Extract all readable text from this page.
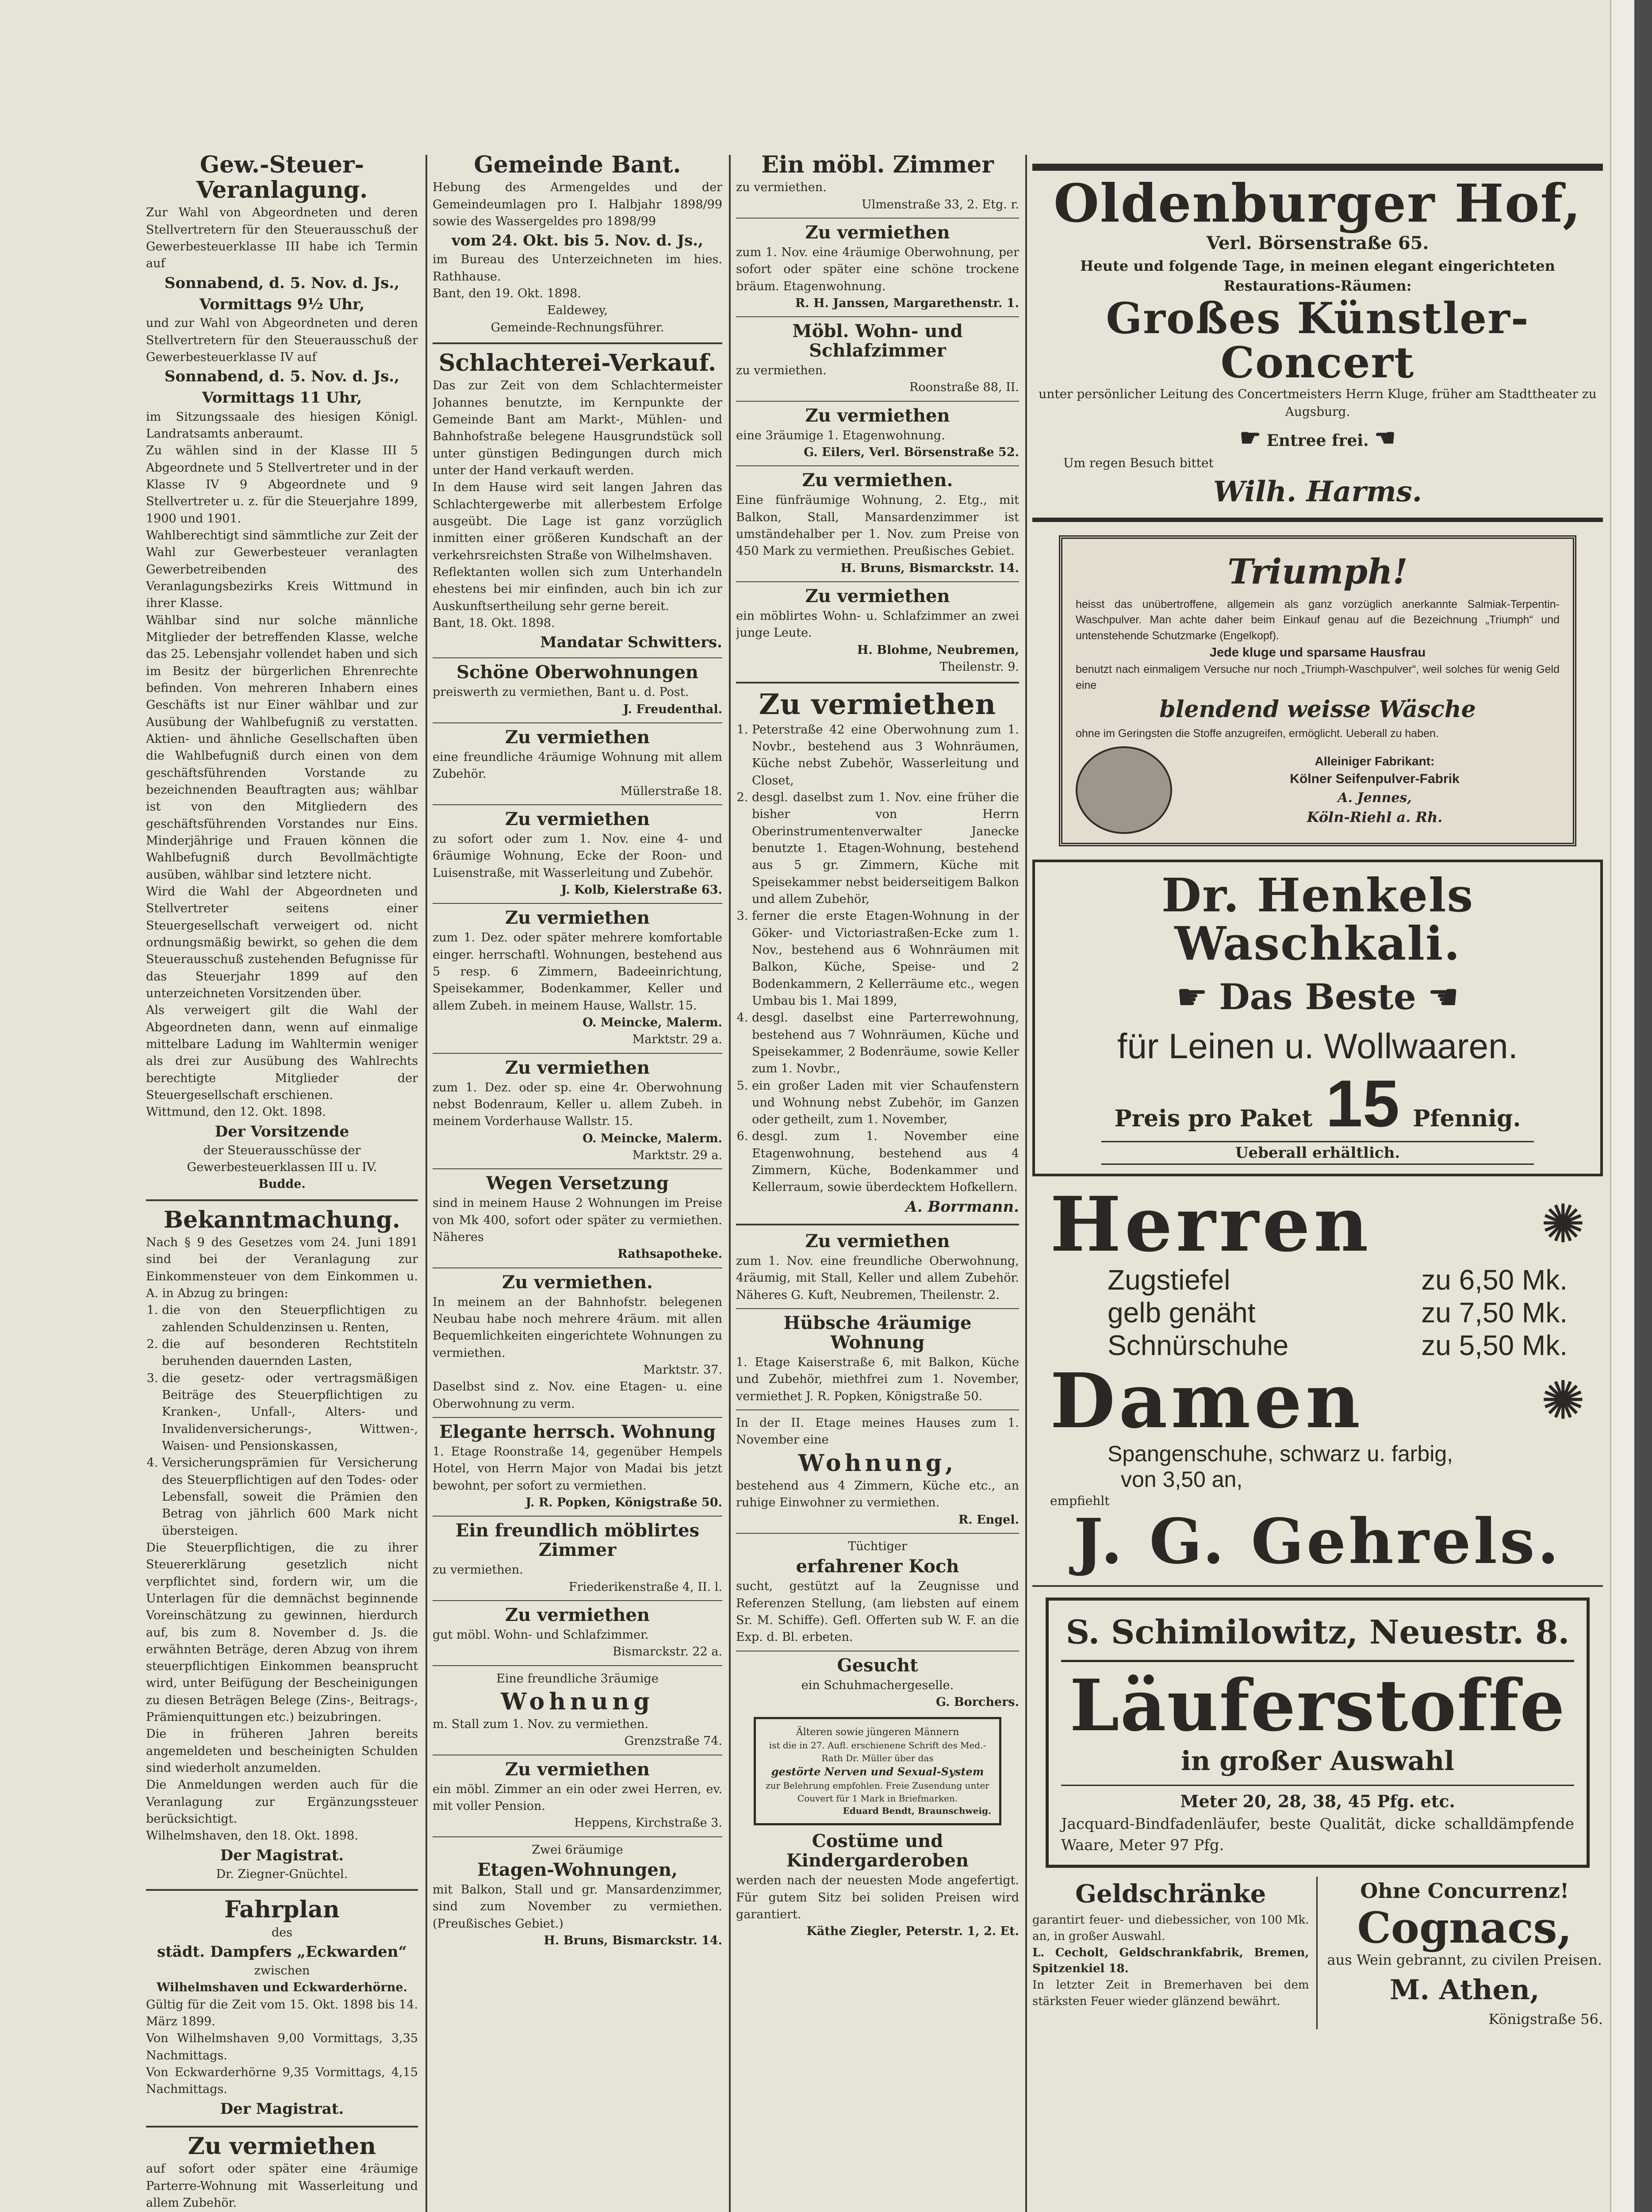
Gew.-Steuer-Veranlagung.

Zur Wahl von Abgeordneten und deren Stellvertretern für den Steuerausschuß der Gewerbesteuerklasse III habe ich Termin auf

Sonnabend, d. 5. Nov. d. Js., Vormittags 9½ Uhr,

und zur Wahl von Abgeordneten und deren Stellvertretern für den Steuerausschuß der Gewerbesteuerklasse IV auf

Sonnabend, d. 5. Nov. d. Js., Vormittags 11 Uhr,

im Sitzungssaale des hiesigen Königl. Landratsamts anberaumt.

Zu wählen sind in der Klasse III 5 Abgeordnete und 5 Stellvertreter und in der Klasse IV 9 Abgeordnete und 9 Stellvertreter u. z. für die Steuerjahre 1899, 1900 und 1901.

Wahlberechtigt sind sämmtliche zur Zeit der Wahl zur Gewerbesteuer veranlagten Gewerbetreibenden des Veranlagungsbezirks Kreis Wittmund in ihrer Klasse.

Wählbar sind nur solche männliche Mitglieder der betreffenden Klasse, welche das 25. Lebensjahr vollendet haben und sich im Besitz der bürgerlichen Ehrenrechte befinden. Von mehreren Inhabern eines Geschäfts ist nur Einer wählbar und zur Ausübung der Wahlbefugniß zu verstatten. Aktien- und ähnliche Gesellschaften üben die Wahlbefugniß durch einen von dem geschäftsführenden Vorstande zu bezeichnenden Beauftragten aus; wählbar ist von den Mitgliedern des geschäftsführenden Vorstandes nur Eins. Minderjährige und Frauen können die Wahlbefugniß durch Bevollmächtigte ausüben, wählbar sind letztere nicht.

Wird die Wahl der Abgeordneten und Stellvertreter seitens einer Steuergesellschaft verweigert od. nicht ordnungsmäßig bewirkt, so gehen die dem Steuerausschuß zustehenden Befugnisse für das Steuerjahr 1899 auf den unterzeichneten Vorsitzenden über.

Als verweigert gilt die Wahl der Abgeordneten dann, wenn auf einmalige mittelbare Ladung im Wahltermin weniger als drei zur Ausübung des Wahlrechts berechtigte Mitglieder der Steuergesellschaft erschienen.

Wittmund, den 12. Okt. 1898.

Der Vorsitzende

der Steuerausschüsse der Gewerbesteuerklassen III u. IV.

Budde.

Bekanntmachung.

Nach § 9 des Gesetzes vom 24. Juni 1891 sind bei der Veranlagung zur Einkommensteuer von dem Einkommen u. A. in Abzug zu bringen:

1. die von den Steuerpflichtigen zu zahlenden Schuldenzinsen u. Renten,
2. die auf besonderen Rechtstiteln beruhenden dauernden Lasten,
3. die gesetz- oder vertragsmäßigen Beiträge des Steuerpflichtigen zu Kranken-, Unfall-, Alters- und Invalidenversicherungs-, Wittwen-, Waisen- und Pensionskassen,
4. Versicherungsprämien für Versicherung des Steuerpflichtigen auf den Todes- oder Lebensfall, soweit die Prämien den Betrag von jährlich 600 Mark nicht übersteigen.

Die Steuerpflichtigen, die zu ihrer Steuererklärung gesetzlich nicht verpflichtet sind, fordern wir, um die Unterlagen für die demnächst beginnende Voreinschätzung zu gewinnen, hierdurch auf, bis zum 8. November d. Js. die erwähnten Beträge, deren Abzug von ihrem steuerpflichtigen Einkommen beansprucht wird, unter Beifügung der Bescheinigungen zu diesen Beträgen Belege (Zins-, Beitrags-, Prämienquittungen etc.) beizubringen.

Die in früheren Jahren bereits angemeldeten und bescheinigten Schulden sind wiederholt anzumelden.

Die Anmeldungen werden auch für die Veranlagung zur Ergänzungssteuer berücksichtigt.

Wilhelmshaven, den 18. Okt. 1898.

Der Magistrat.

Dr. Ziegner-Gnüchtel.

Fahrplan

des

städt. Dampfers „Eckwarden“

zwischen

Wilhelmshaven und Eckwarderhörne.

Gültig für die Zeit vom 15. Okt. 1898 bis 14. März 1899.

Von Wilhelmshaven 9,00 Vormittags, 3,35 Nachmittags.

Von Eckwarderhörne 9,35 Vormittags, 4,15 Nachmittags.

Der Magistrat.

Zu vermiethen

auf sofort oder später eine 4räumige Parterre-Wohnung mit Wasserleitung und allem Zubehör.

Gemeinde Bant.

Hebung des Armengeldes und der Gemeindeumlagen pro I. Halbjahr 1898/99 sowie des Wassergeldes pro 1898/99

vom 24. Okt. bis 5. Nov. d. Js.,

im Bureau des Unterzeichneten im hies. Rathhause.

Bant, den 19. Okt. 1898.

Ealdewey,

Gemeinde-Rechnungsführer.

Schlachterei-Verkauf.

Das zur Zeit von dem Schlachtermeister Johannes benutzte, im Kernpunkte der Gemeinde Bant am Markt-, Mühlen- und Bahnhofstraße belegene Hausgrundstück soll unter günstigen Bedingungen durch mich unter der Hand verkauft werden.

In dem Hause wird seit langen Jahren das Schlachtergewerbe mit allerbestem Erfolge ausgeübt. Die Lage ist ganz vorzüglich inmitten einer größeren Kundschaft an der verkehrsreichsten Straße von Wilhelmshaven.

Reflektanten wollen sich zum Unterhandeln ehestens bei mir einfinden, auch bin ich zur Auskunftsertheilung sehr gerne bereit.

Bant, 18. Okt. 1898.

Mandatar Schwitters.

Schöne Oberwohnungen

preiswerth zu vermiethen, Bant u. d. Post.

J. Freudenthal.

Zu vermiethen

eine freundliche 4räumige Wohnung mit allem Zubehör.

Müllerstraße 18.

Zu vermiethen

zu sofort oder zum 1. Nov. eine 4- und 6räumige Wohnung, Ecke der Roon- und Luisenstraße, mit Wasserleitung und Zubehör.

J. Kolb, Kielerstraße 63.

Zu vermiethen

zum 1. Dez. oder später mehrere komfortable einger. herrschaftl. Wohnungen, bestehend aus 5 resp. 6 Zimmern, Badeeinrichtung, Speisekammer, Bodenkammer, Keller und allem Zubeh. in meinem Hause, Wallstr. 15.

O. Meincke, Malerm.

Marktstr. 29 a.

Zu vermiethen

zum 1. Dez. oder sp. eine 4r. Oberwohnung nebst Bodenraum, Keller u. allem Zubeh. in meinem Vorderhause Wallstr. 15.

O. Meincke, Malerm.

Marktstr. 29 a.

Wegen Versetzung

sind in meinem Hause 2 Wohnungen im Preise von Mk 400, sofort oder später zu vermiethen. Näheres

Rathsapotheke.

Zu vermiethen.

In meinem an der Bahnhofstr. belegenen Neubau habe noch mehrere 4räum. mit allen Bequemlichkeiten eingerichtete Wohnungen zu vermiethen.

Marktstr. 37.

Daselbst sind z. Nov. eine Etagen- u. eine Oberwohnung zu verm.

Elegante herrsch. Wohnung

1. Etage Roonstraße 14, gegenüber Hempels Hotel, von Herrn Major von Madai bis jetzt bewohnt, per sofort zu vermiethen.

J. R. Popken, Königstraße 50.

Ein freundlich möblirtes Zimmer

zu vermiethen.

Friederikenstraße 4, II. l.

Zu vermiethen

gut möbl. Wohn- und Schlafzimmer.

Bismarckstr. 22 a.

Eine freundliche 3räumige

Wohnung

m. Stall zum 1. Nov. zu vermiethen.

Grenzstraße 74.

Zu vermiethen

ein möbl. Zimmer an ein oder zwei Herren, ev. mit voller Pension.

Heppens, Kirchstraße 3.

Zwei 6räumige

Etagen-Wohnungen,

mit Balkon, Stall und gr. Mansardenzimmer, sind zum November zu vermiethen. (Preußisches Gebiet.)

H. Bruns, Bismarckstr. 14.

Ein möbl. Zimmer

zu vermiethen.

Ulmenstraße 33, 2. Etg. r.

Zu vermiethen

zum 1. Nov. eine 4räumige Oberwohnung, per sofort oder später eine schöne trockene bräum. Etagenwohnung.

R. H. Janssen, Margarethenstr. 1.

Möbl. Wohn- und Schlafzimmer

zu vermiethen.

Roonstraße 88, II.

Zu vermiethen

eine 3räumige 1. Etagenwohnung.

G. Eilers, Verl. Börsenstraße 52.

Zu vermiethen.

Eine fünfräumige Wohnung, 2. Etg., mit Balkon, Stall, Mansardenzimmer ist umständehalber per 1. Nov. zum Preise von 450 Mark zu vermiethen. Preußisches Gebiet.

H. Bruns, Bismarckstr. 14.

Zu vermiethen

ein möblirtes Wohn- u. Schlafzimmer an zwei junge Leute.

H. Blohme, Neubremen,

Theilenstr. 9.

Zu vermiethen
1. Peterstraße 42 eine Oberwohnung zum 1. Novbr., bestehend aus 3 Wohnräumen, Küche nebst Zubehör, Wasserleitung und Closet,
2. desgl. daselbst zum 1. Nov. eine früher die bisher von Herrn Oberinstrumentenverwalter Janecke benutzte 1. Etagen-Wohnung, bestehend aus 5 gr. Zimmern, Küche mit Speisekammer nebst beiderseitigem Balkon und allem Zubehör,
3. ferner die erste Etagen-Wohnung in der Göker- und Victoriastraßen-Ecke zum 1. Nov., bestehend aus 6 Wohnräumen mit Balkon, Küche, Speise- und 2 Bodenkammern, 2 Kellerräume etc., wegen Umbau bis 1. Mai 1899,
4. desgl. daselbst eine Parterrewohnung, bestehend aus 7 Wohnräumen, Küche und Speisekammer, 2 Bodenräume, sowie Keller zum 1. Novbr.,
5. ein großer Laden mit vier Schaufenstern und Wohnung nebst Zubehör, im Ganzen oder getheilt, zum 1. November,
6. desgl. zum 1. November eine Etagenwohnung, bestehend aus 4 Zimmern, Küche, Bodenkammer und Kellerraum, sowie überdecktem Hofkellern.

A. Borrmann.

Zu vermiethen

zum 1. Nov. eine freundliche Oberwohnung, 4räumig, mit Stall, Keller und allem Zubehör. Näheres G. Kuft, Neubremen, Theilenstr. 2.

Hübsche 4räumige Wohnung

1. Etage Kaiserstraße 6, mit Balkon, Küche und Zubehör, miethfrei zum 1. November, vermiethet J. R. Popken, Königstraße 50.

In der II. Etage meines Hauses zum 1. November eine

Wohnung,

bestehend aus 4 Zimmern, Küche etc., an ruhige Einwohner zu vermiethen.

R. Engel.

Tüchtiger

erfahrener Koch

sucht, gestützt auf la Zeugnisse und Referenzen Stellung, (am liebsten auf einem Sr. M. Schiffe). Gefl. Offerten sub W. F. an die Exp. d. Bl. erbeten.

Gesucht

ein Schuhmachergeselle.

G. Borchers.

Älteren sowie jüngeren Männern

ist die in 27. Aufl. erschienene Schrift des Med.-Rath Dr. Müller über das

gestörte Nerven und Sexual-System

zur Belehrung empfohlen. Freie Zusendung unter Couvert für 1 Mark in Briefmarken.

Eduard Bendt, Braunschweig.

Costüme und Kindergarderoben

werden nach der neuesten Mode angefertigt. Für gutem Sitz bei soliden Preisen wird garantiert.

Käthe Ziegler, Peterstr. 1, 2. Et.

Oldenburger Hof,

Verl. Börsenstraße 65.

Heute und folgende Tage, in meinen elegant eingerichteten Restaurations-Räumen:

Großes Künstler-Concert

unter persönlicher Leitung des Concertmeisters Herrn Kluge, früher am Stadttheater zu Augsburg.

☛ Entree frei. ☚

Um regen Besuch bittet

Wilh. Harms.

Triumph!

heisst das unübertroffene, allgemein als ganz vorzüglich anerkannte Salmiak-Terpentin-Waschpulver. Man achte daher beim Einkauf genau auf die Bezeichnung „Triumph“ und untenstehende Schutzmarke (Engelkopf).

Jede kluge und sparsame Hausfrau

benutzt nach einmaligem Versuche nur noch „Triumph-Waschpulver“, weil solches für wenig Geld eine

blendend weisse Wäsche

ohne im Geringsten die Stoffe anzugreifen, ermöglicht. Ueberall zu haben.

Alleiniger Fabrikant:

Kölner Seifenpulver-Fabrik

A. Jennes,

Köln-Riehl a. Rh.

Dr. Henkels Waschkali.

☛ Das Beste ☚

für Leinen u. Wollwaaren.

Preis pro Paket 15 Pfennig.

Ueberall erhältlich.

Herren	✺
Zugstiefel	zu 6,50 Mk.
gelb genäht	zu 7,50 Mk.
Schnürschuhe	zu 5,50 Mk.
Damen	✺

Spangenschuhe, schwarz u. farbig,

von 3,50 an,

empfiehlt

J. G. Gehrels.
S. Schimilowitz, Neuestr. 8.
Läuferstoffe

in großer Auswahl

Meter 20, 28, 38, 45 Pfg. etc.

Jacquard-Bindfadenläufer, beste Qualität, dicke schalldämpfende Waare, Meter 97 Pfg.

Geldschränke

garantirt feuer- und diebessicher, von 100 Mk. an, in großer Auswahl.

L. Cecholt, Geldschrankfabrik, Bremen, Spitzenkiel 18.

In letzter Zeit in Bremerhaven bei dem stärksten Feuer wieder glänzend bewährt.

Ohne Concurrenz!
Cognacs,

aus Wein gebrannt, zu civilen Preisen.

M. Athen,

Königstraße 56.
